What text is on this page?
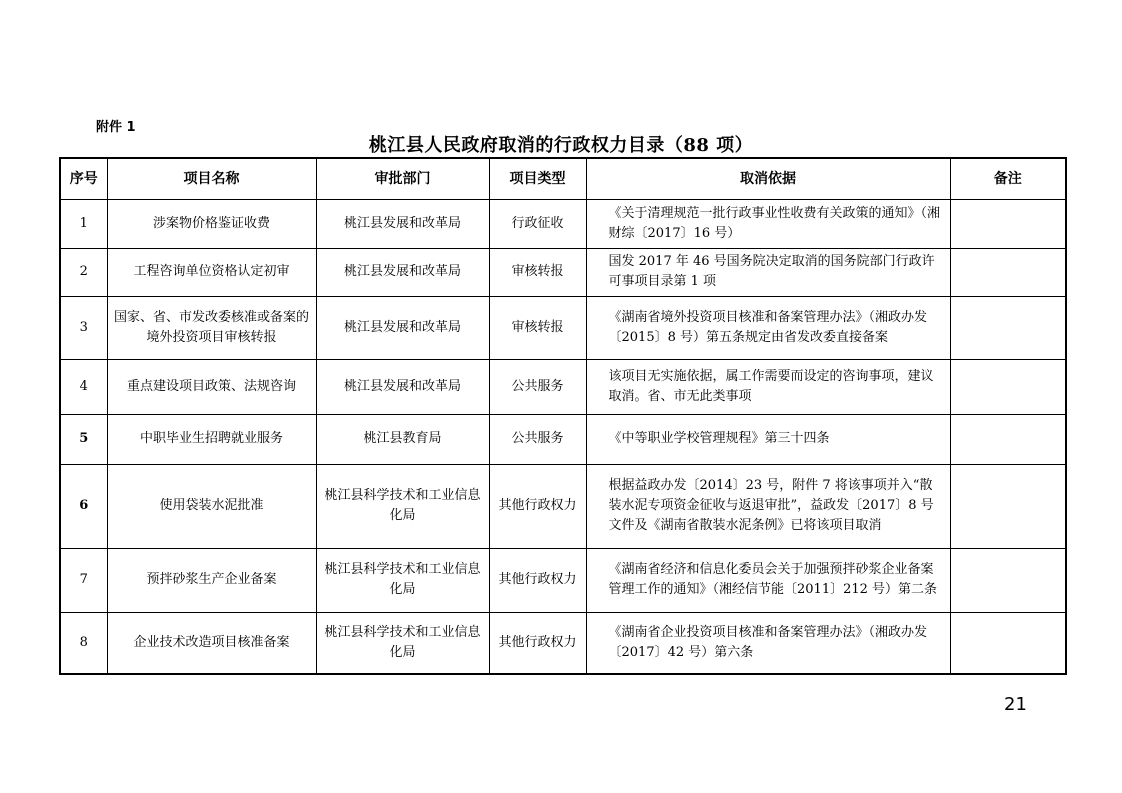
附件 1
桃江县人民政府取消的行政权力目录（88 项）
序号	项目名称	审批部门	项目类型	取消依据	备注
1	涉案物价格鉴证收费	桃江县发展和改革局	行政征收	《关于清理规范一批行政事业性收费有关政策的通知》（湘财综〔2017〕16 号）	
2	工程咨询单位资格认定初审	桃江县发展和改革局	审核转报	国发 2017 年 46 号国务院决定取消的国务院部门行政许可事项目录第 1 项	
3	国家、省、市发改委核准或备案的境外投资项目审核转报	桃江县发展和改革局	审核转报	《湖南省境外投资项目核准和备案管理办法》（湘政办发〔2015〕8 号）第五条规定由省发改委直接备案	
4	重点建设项目政策、法规咨询	桃江县发展和改革局	公共服务	该项目无实施依据，属工作需要而设定的咨询事项，建议取消。省、市无此类事项	
5	中职毕业生招聘就业服务	桃江县教育局	公共服务	《中等职业学校管理规程》第三十四条	
6	使用袋装水泥批准	桃江县科学技术和工业信息化局	其他行政权力	根据益政办发〔2014〕23 号，附件 7 将该事项并入“散装水泥专项资金征收与返退审批”，益政发〔2017〕8 号文件及《湖南省散装水泥条例》已将该项目取消	
7	预拌砂浆生产企业备案	桃江县科学技术和工业信息化局	其他行政权力	《湖南省经济和信息化委员会关于加强预拌砂浆企业备案管理工作的通知》（湘经信节能〔2011〕212 号）第二条	
8	企业技术改造项目核准备案	桃江县科学技术和工业信息化局	其他行政权力	《湖南省企业投资项目核准和备案管理办法》（湘政办发〔2017〕42 号）第六条	
21
